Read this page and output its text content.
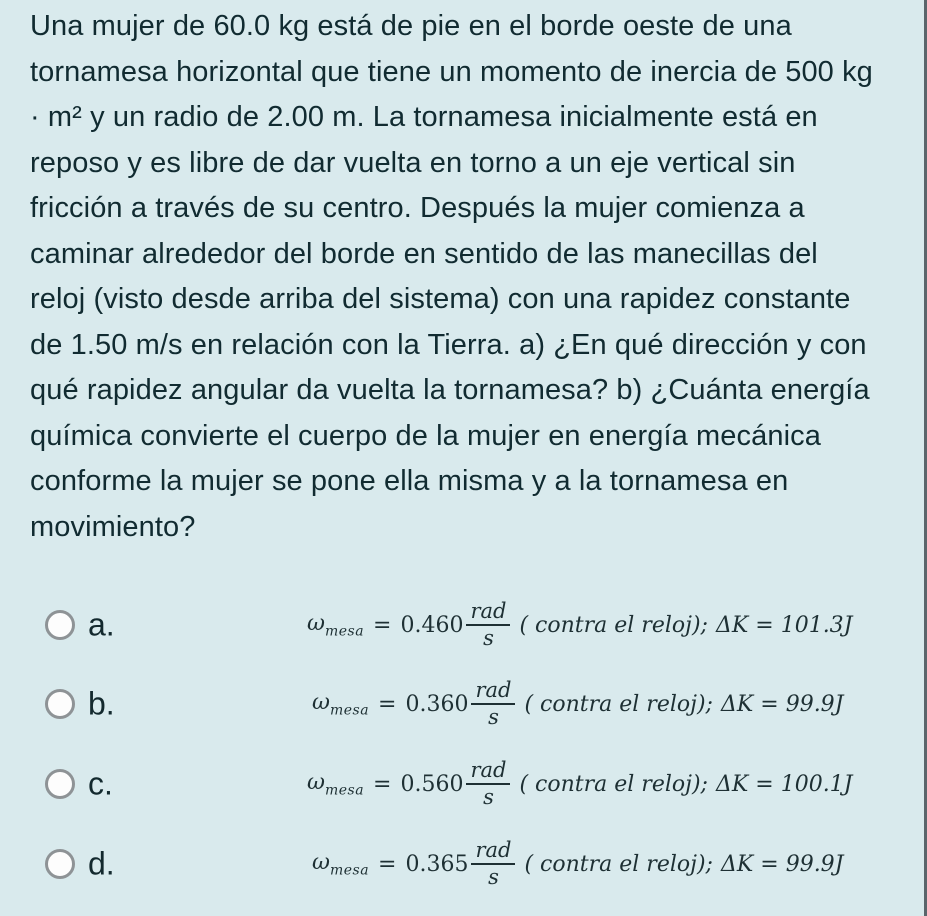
Una mujer de 60.0 kg está de pie en el borde oeste de una
tornamesa horizontal que tiene un momento de inercia de 500 kg
· m² y un radio de 2.00 m. La tornamesa inicialmente está en
reposo y es libre de dar vuelta en torno a un eje vertical sin
fricción a través de su centro. Después la mujer comienza a
caminar alrededor del borde en sentido de las manecillas del
reloj (visto desde arriba del sistema) con una rapidez constante
de 1.50 m/s en relación con la Tierra. a) ¿En qué dirección y con
qué rapidez angular da vuelta la tornamesa? b) ¿Cuánta energía
química convierte el cuerpo de la mujer en energía mecánica
conforme la mujer se pone ella misma y a la tornamesa en
movimiento?
a.	$\omega_{mesa} = 0.460 \frac{\text{rad}}{s}$ ( contra el reloj); ΔK = 101.3J
b.	$\omega_{mesa} = 0.360 \frac{\text{rad}}{s}$ ( contra el reloj); ΔK = 99.9J
c.	$\omega_{mesa} = 0.560 \frac{\text{rad}}{s}$ ( contra el reloj); ΔK = 100.1J
d.	$\omega_{mesa} = 0.365 \frac{\text{rad}}{s}$ ( contra el reloj); ΔK = 99.9J
